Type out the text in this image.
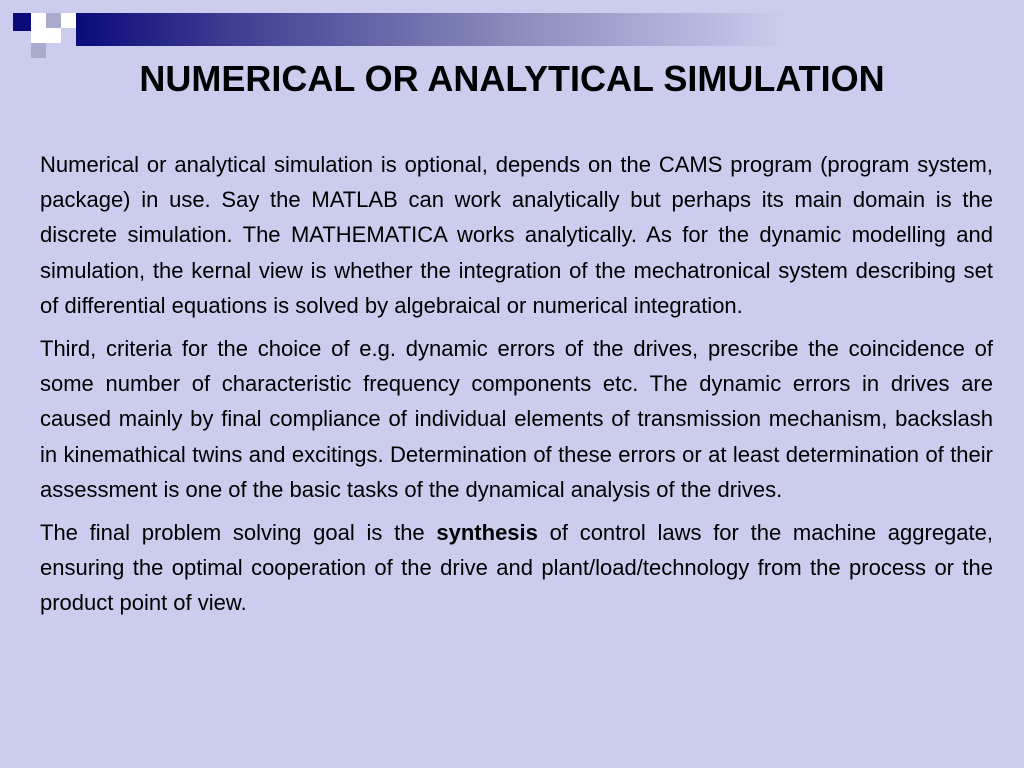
NUMERICAL OR ANALYTICAL SIMULATION

Numerical or analytical simulation is optional, depends on the CAMS program (program system, package) in use. Say the MATLAB can work analytically but perhaps its main domain is the discrete simulation. The MATHEMATICA works analytically. As for the dynamic modelling and simulation, the kernal view is whether the integration of the mechatronical system describing set of differential equations is solved by algebraical or numerical integration.

Third, criteria for the choice of e.g. dynamic errors of the drives, prescribe the coincidence of some number of characteristic frequency components etc. The dynamic errors in drives are caused mainly by final compliance of individual elements of transmission mechanism, backslash in kinemathical twins and excitings. Determination of these errors or at least determination of their assessment is one of the basic tasks of the dynamical analysis of the drives.

The final problem solving goal is the synthesis of control laws for the machine aggregate, ensuring the optimal cooperation of the drive and plant/load/technology from the process or the product point of view.
